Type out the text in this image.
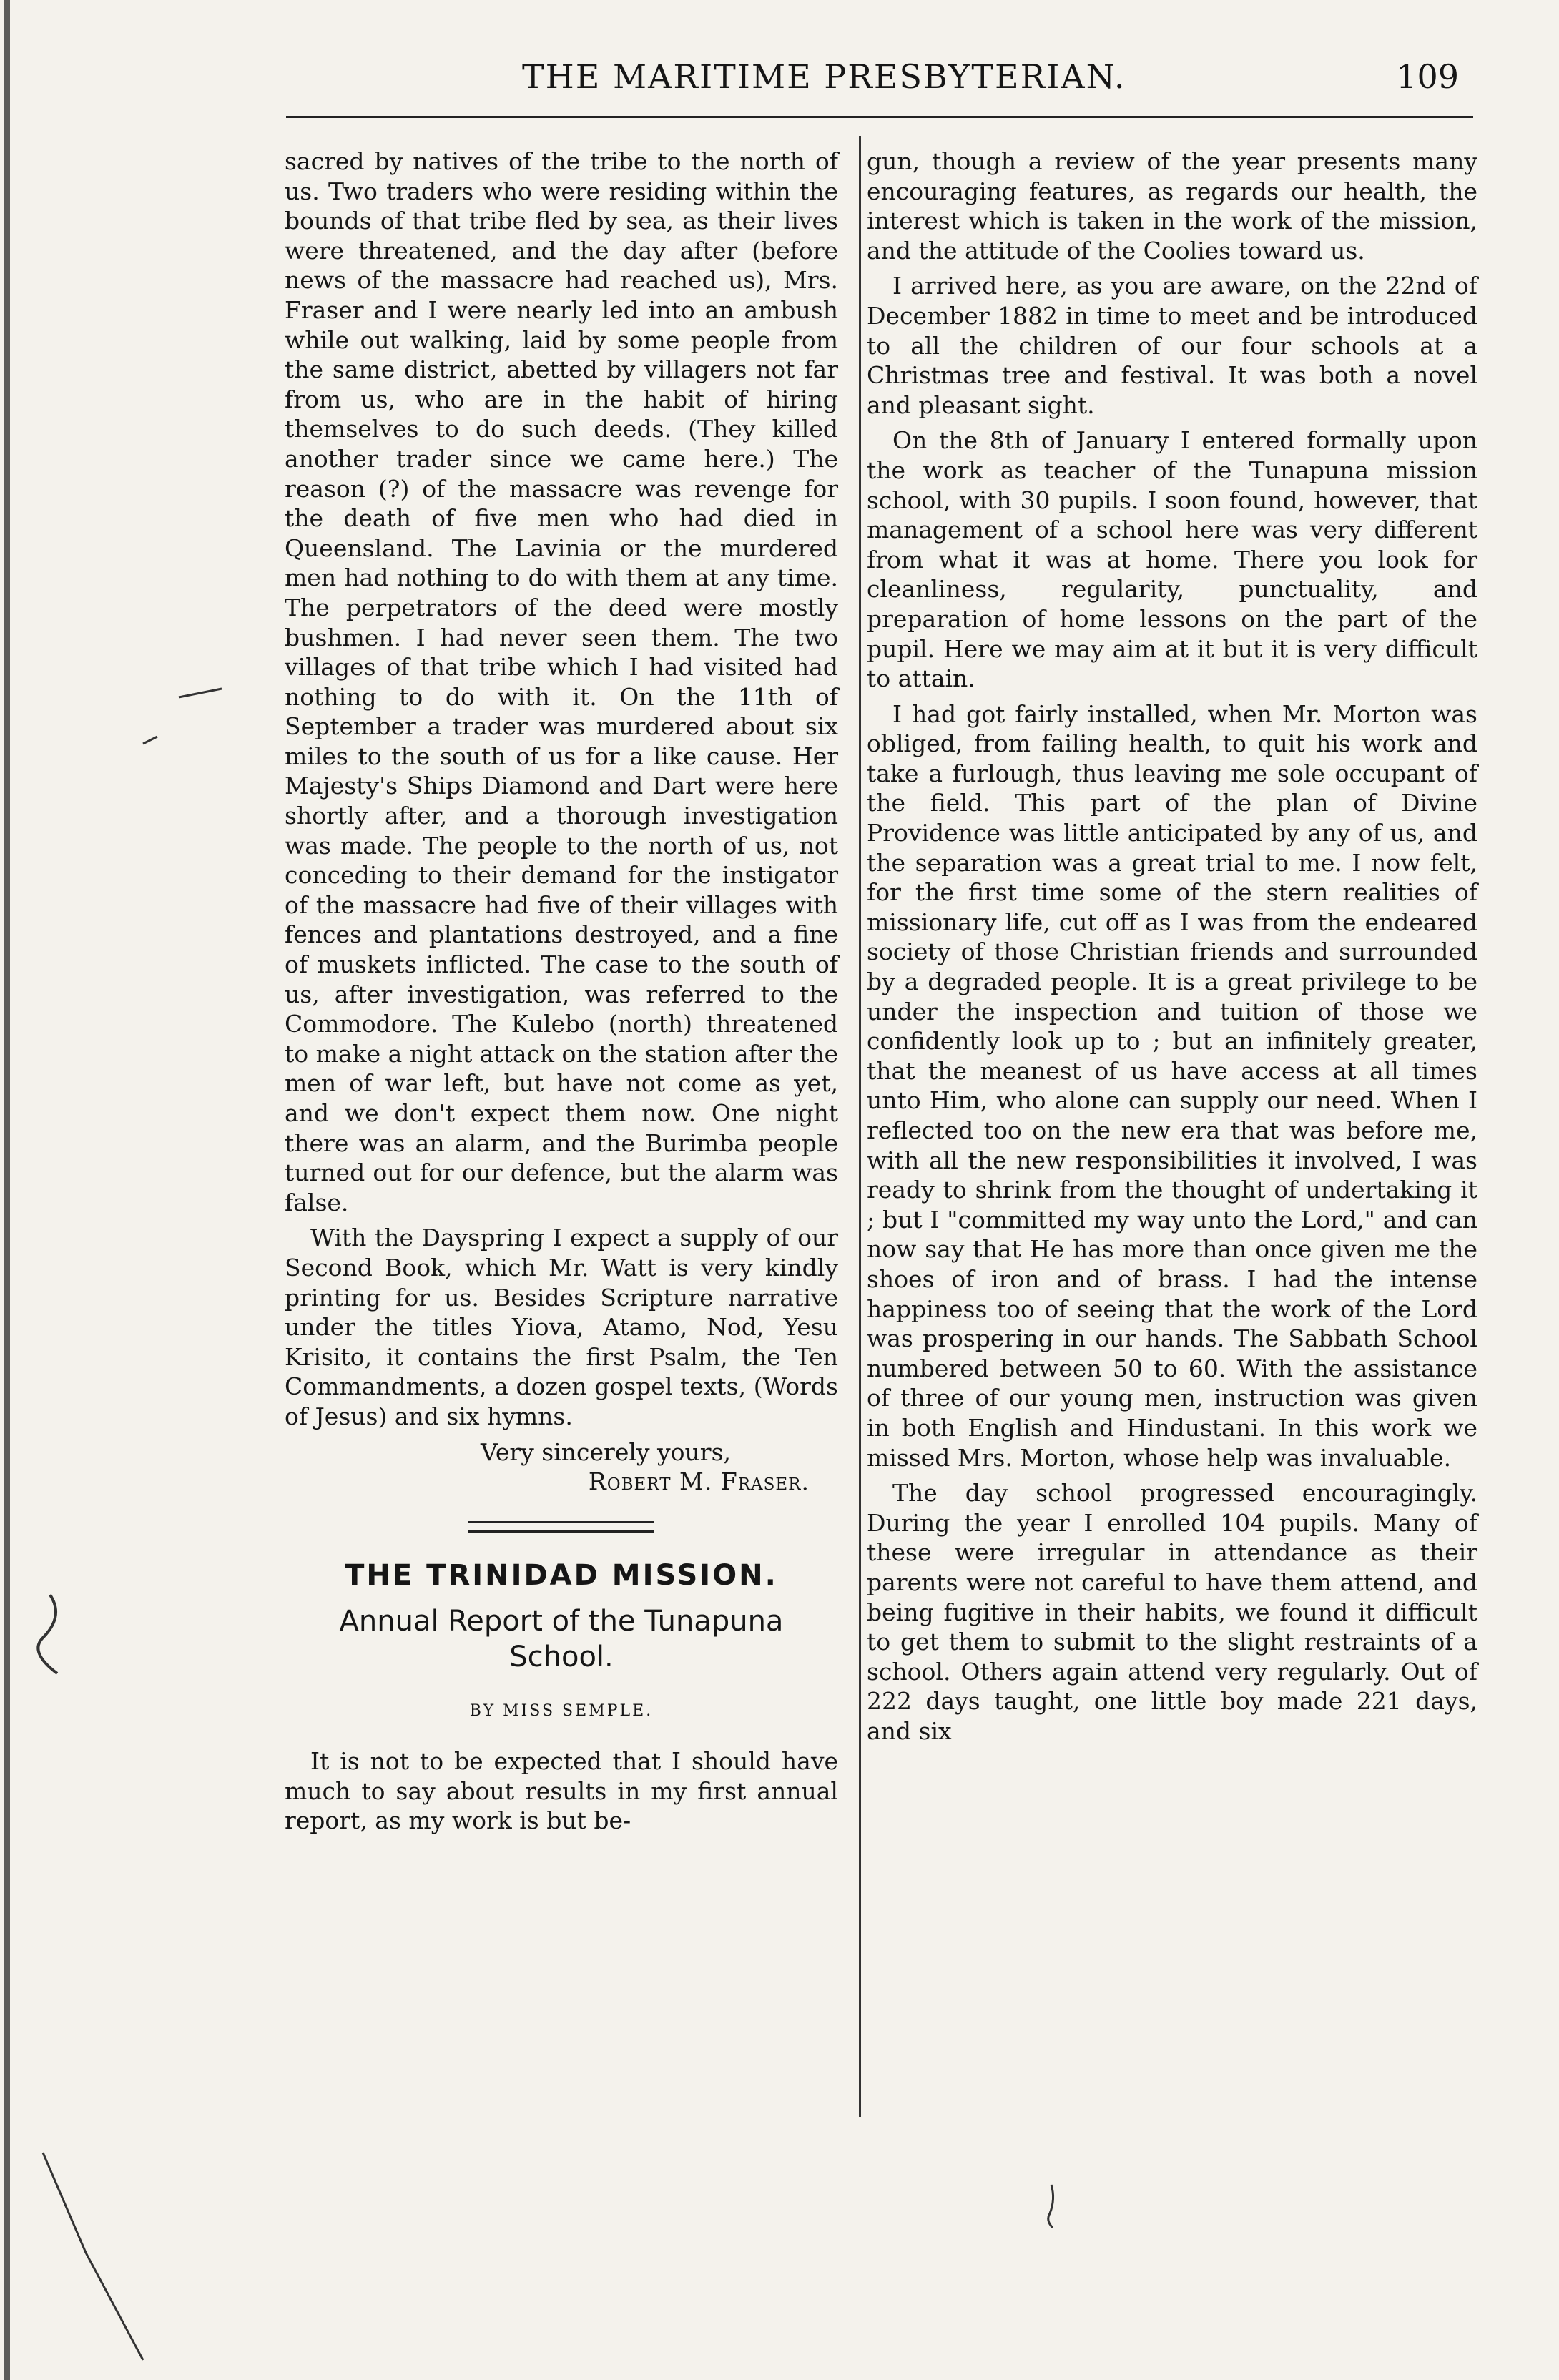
THE MARITIME PRESBYTERIAN.	109

sacred by natives of the tribe to the north of us. Two traders who were residing within the bounds of that tribe fled by sea, as their lives were threatened, and the day after (before news of the massacre had reached us), Mrs. Fraser and I were nearly led into an ambush while out walking, laid by some people from the same district, abetted by villagers not far from us, who are in the habit of hiring themselves to do such deeds. (They killed another trader since we came here.) The reason (?) of the massacre was revenge for the death of five men who had died in Queensland. The Lavinia or the murdered men had nothing to do with them at any time. The perpetrators of the deed were mostly bushmen. I had never seen them. The two villages of that tribe which I had visited had nothing to do with it. On the 11th of September a trader was murdered about six miles to the south of us for a like cause. Her Majesty's Ships Diamond and Dart were here shortly after, and a thorough investigation was made. The people to the north of us, not conceding to their demand for the instigator of the massacre had five of their villages with fences and plantations destroyed, and a fine of muskets inflicted. The case to the south of us, after investigation, was referred to the Commodore. The Kulebo (north) threatened to make a night attack on the station after the men of war left, but have not come as yet, and we don't expect them now. One night there was an alarm, and the Burimba people turned out for our defence, but the alarm was false.

With the Dayspring I expect a supply of our Second Book, which Mr. Watt is very kindly printing for us. Besides Scripture narrative under the titles Yiova, Atamo, Nod, Yesu Krisito, it contains the first Psalm, the Ten Commandments, a dozen gospel texts, (Words of Jesus) and six hymns.

Very sincerely yours,

Robert M. Fraser.

THE TRINIDAD MISSION.
Annual Report of the Tunapuna School.
BY MISS SEMPLE.

It is not to be expected that I should have much to say about results in my first annual report, as my work is but be-

gun, though a review of the year presents many encouraging features, as regards our health, the interest which is taken in the work of the mission, and the attitude of the Coolies toward us.

I arrived here, as you are aware, on the 22nd of December 1882 in time to meet and be introduced to all the children of our four schools at a Christmas tree and festival. It was both a novel and pleasant sight.

On the 8th of January I entered formally upon the work as teacher of the Tunapuna mission school, with 30 pupils. I soon found, however, that management of a school here was very different from what it was at home. There you look for cleanliness, regularity, punctuality, and preparation of home lessons on the part of the pupil. Here we may aim at it but it is very difficult to attain.

I had got fairly installed, when Mr. Morton was obliged, from failing health, to quit his work and take a furlough, thus leaving me sole occupant of the field. This part of the plan of Divine Providence was little anticipated by any of us, and the separation was a great trial to me. I now felt, for the first time some of the stern realities of missionary life, cut off as I was from the endeared society of those Christian friends and surrounded by a degraded people. It is a great privilege to be under the inspection and tuition of those we confidently look up to ; but an infinitely greater, that the meanest of us have access at all times unto Him, who alone can supply our need. When I reflected too on the new era that was before me, with all the new responsibilities it involved, I was ready to shrink from the thought of undertaking it ; but I "committed my way unto the Lord," and can now say that He has more than once given me the shoes of iron and of brass. I had the intense happiness too of seeing that the work of the Lord was prospering in our hands. The Sabbath School numbered between 50 to 60. With the assistance of three of our young men, instruction was given in both English and Hindustani. In this work we missed Mrs. Morton, whose help was invaluable.

The day school progressed encouragingly. During the year I enrolled 104 pupils. Many of these were irregular in attendance as their parents were not careful to have them attend, and being fugitive in their habits, we found it difficult to get them to submit to the slight restraints of a school. Others again attend very regularly. Out of 222 days taught, one little boy made 221 days, and six
